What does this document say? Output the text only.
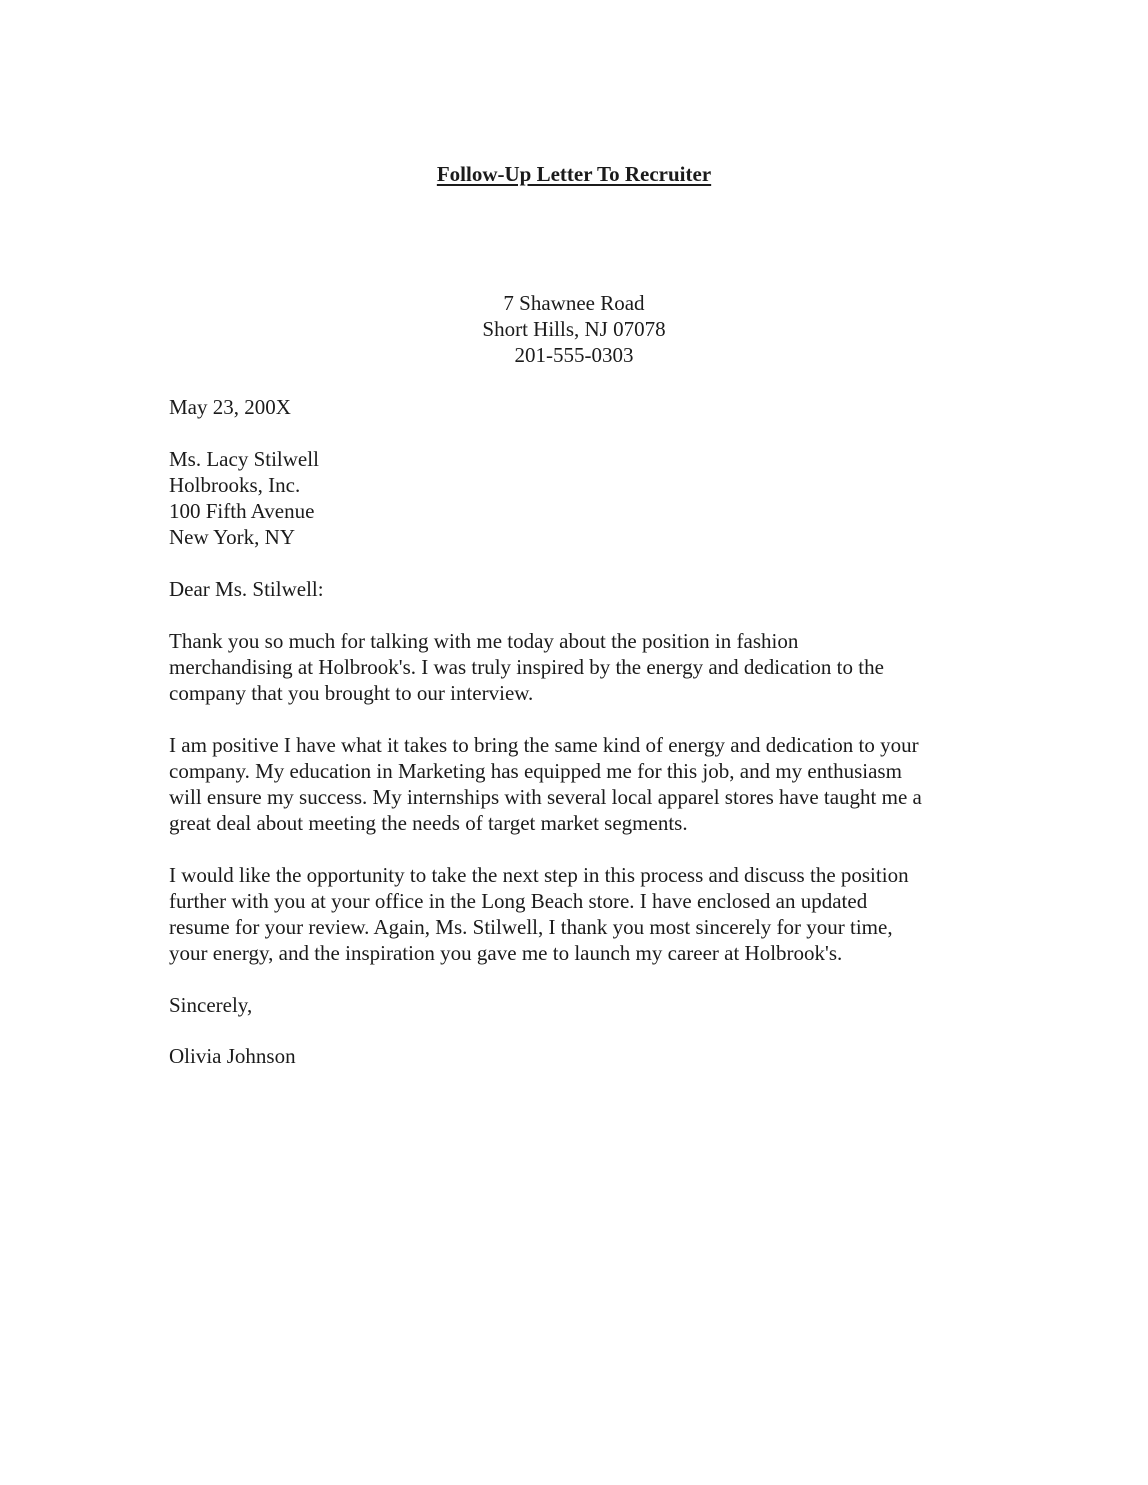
Follow-Up Letter To Recruiter
7 Shawnee Road
Short Hills, NJ 07078
201-555-0303
May 23, 200X
Ms. Lacy Stilwell
Holbrooks, Inc.
100 Fifth Avenue
New York, NY
Dear Ms. Stilwell:
Thank you so much for talking with me today about the position in fashion
merchandising at Holbrook's. I was truly inspired by the energy and dedication to the
company that you brought to our interview.
I am positive I have what it takes to bring the same kind of energy and dedication to your
company. My education in Marketing has equipped me for this job, and my enthusiasm
will ensure my success. My internships with several local apparel stores have taught me a
great deal about meeting the needs of target market segments.
I would like the opportunity to take the next step in this process and discuss the position
further with you at your office in the Long Beach store. I have enclosed an updated
resume for your review. Again, Ms. Stilwell, I thank you most sincerely for your time,
your energy, and the inspiration you gave me to launch my career at Holbrook's.
Sincerely,
Olivia Johnson
